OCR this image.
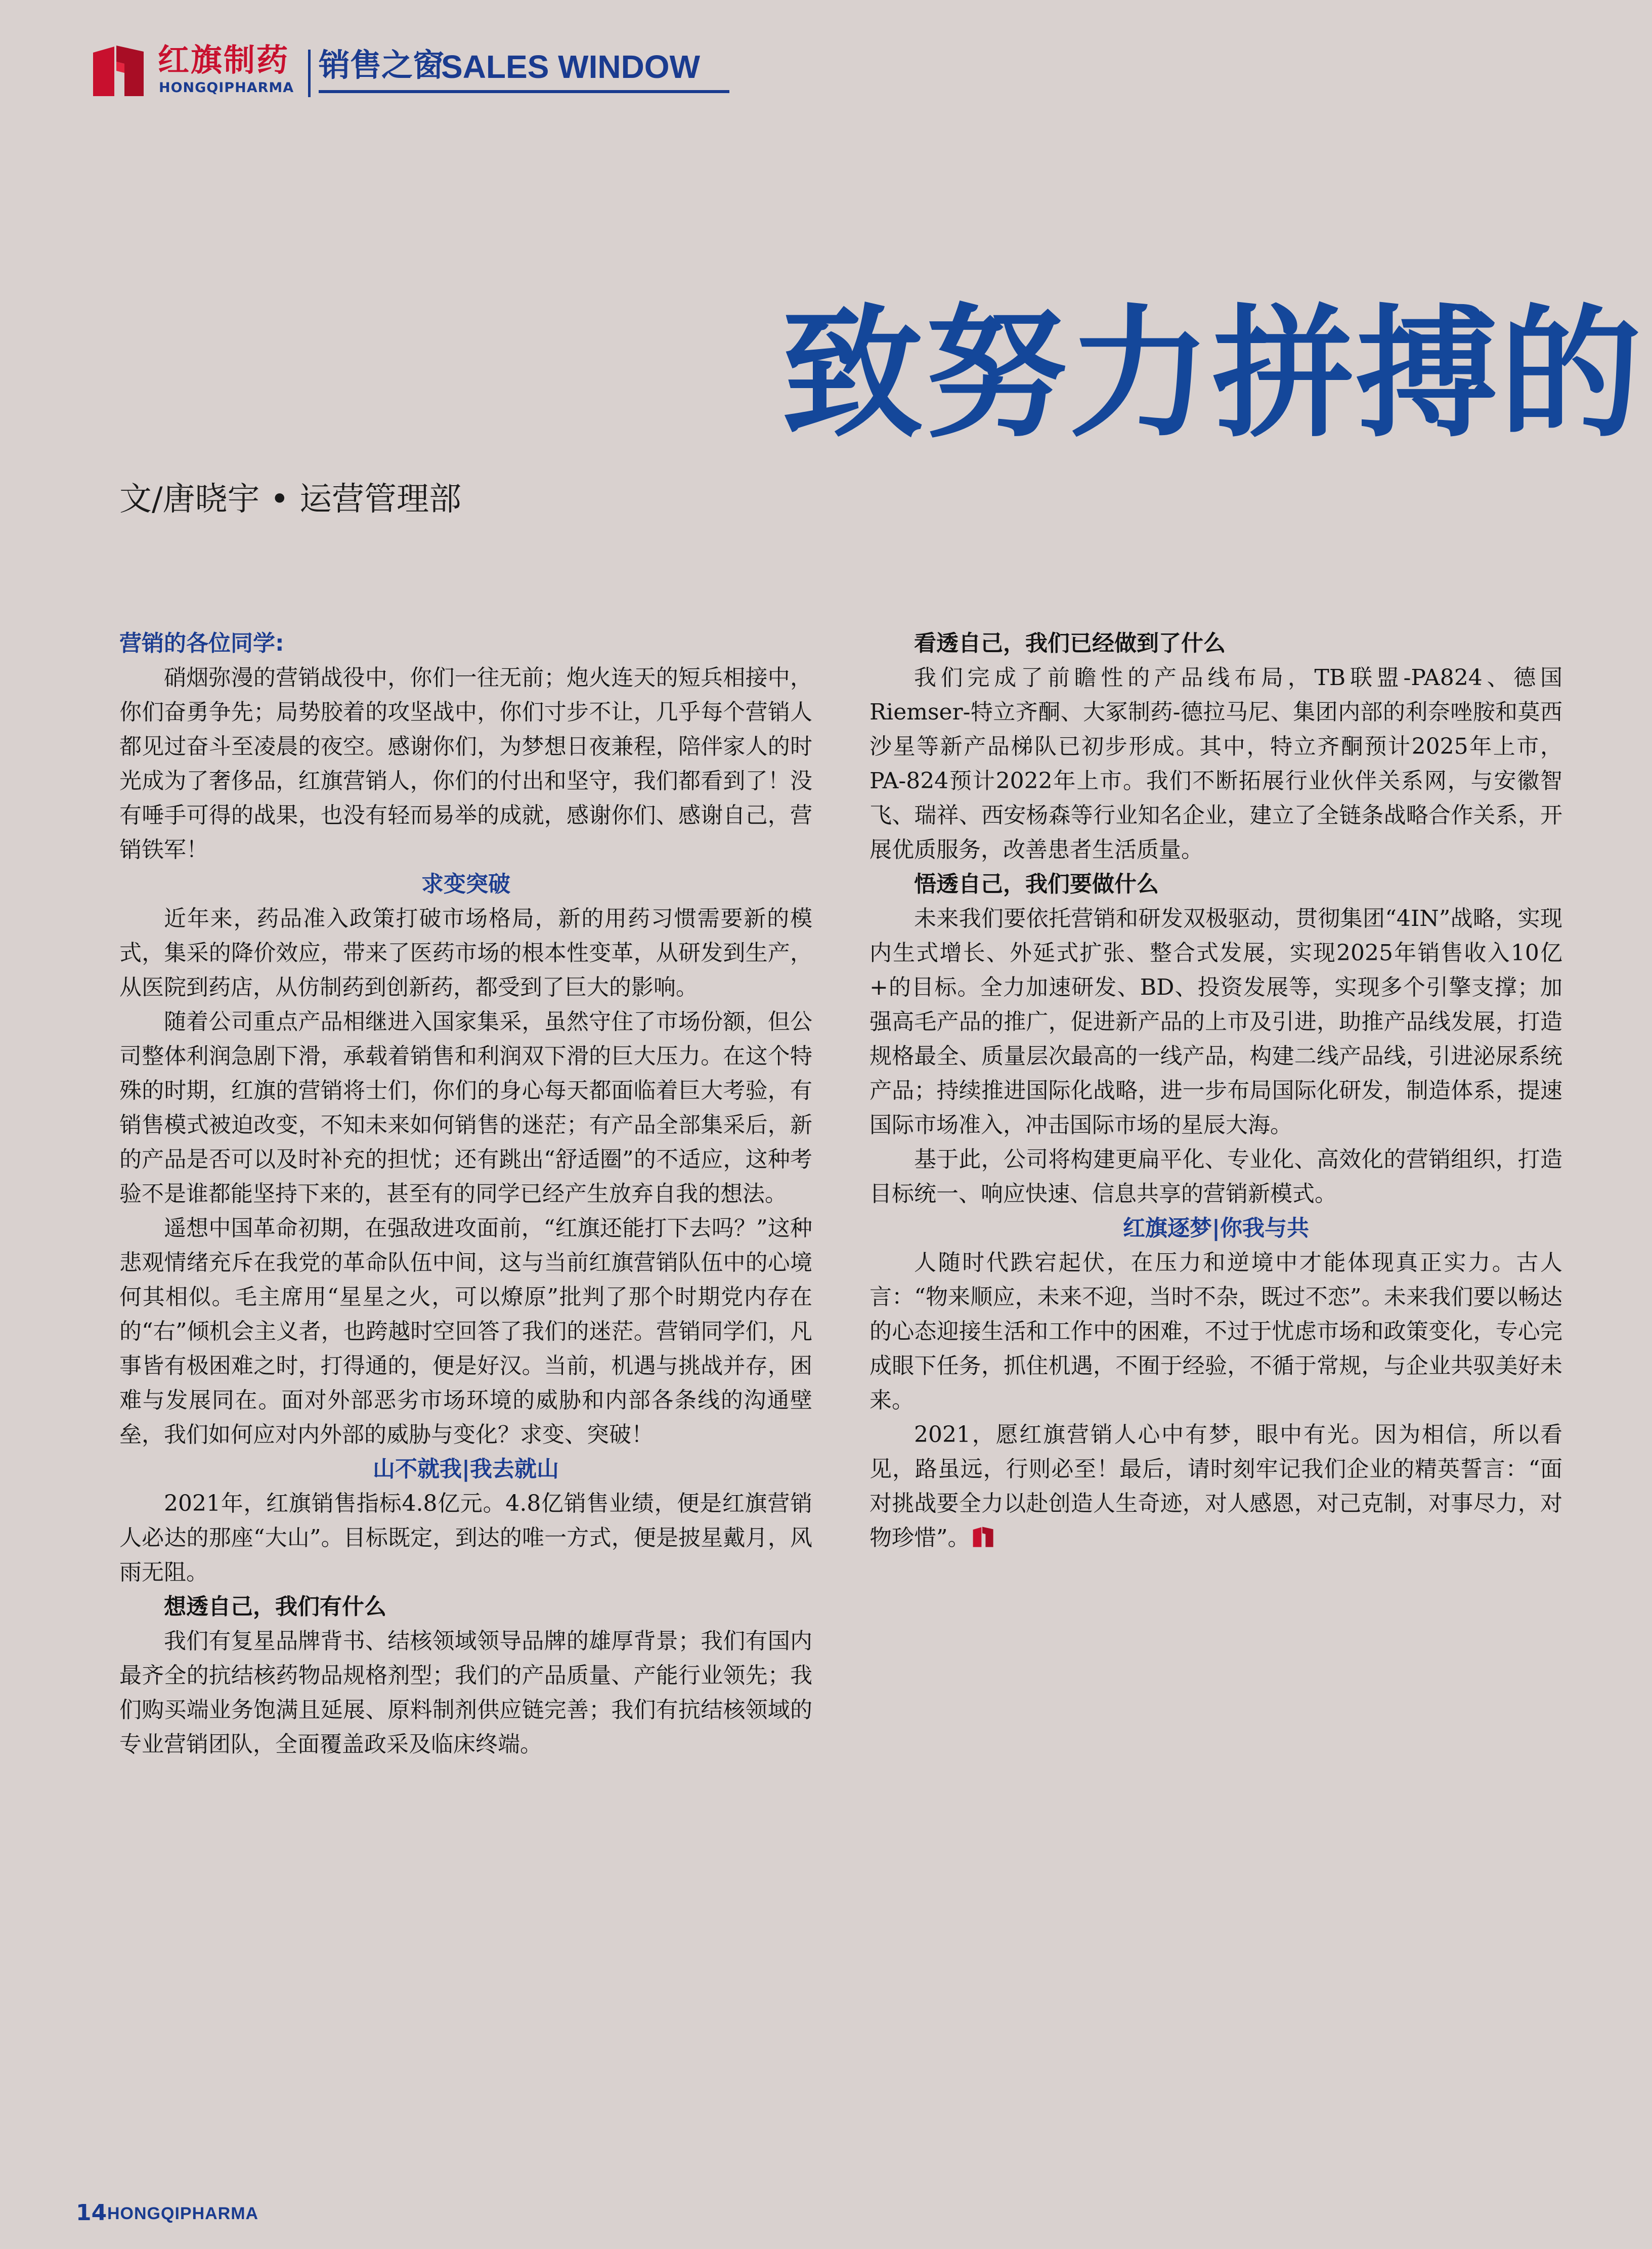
红旗制药
HONGQIPHARMA
销售之窗
SALES WINDOW
致努力拼搏的
文/唐晓宇 • 运营管理部

营销的各位同学:

硝烟弥漫的营销战役中，你们一往无前；炮火连天的短兵相接中，你们奋勇争先；局势胶着的攻坚战中，你们寸步不让，几乎每个营销人都见过奋斗至凌晨的夜空。感谢你们，为梦想日夜兼程，陪伴家人的时光成为了奢侈品，红旗营销人，你们的付出和坚守，我们都看到了！没有唾手可得的战果，也没有轻而易举的成就，感谢你们、感谢自己，营销铁军！

求变突破

近年来，药品准入政策打破市场格局，新的用药习惯需要新的模式，集采的降价效应，带来了医药市场的根本性变革，从研发到生产，从医院到药店，从仿制药到创新药，都受到了巨大的影响。

随着公司重点产品相继进入国家集采，虽然守住了市场份额，但公司整体利润急剧下滑，承载着销售和利润双下滑的巨大压力。在这个特殊的时期，红旗的营销将士们，你们的身心每天都面临着巨大考验，有销售模式被迫改变，不知未来如何销售的迷茫；有产品全部集采后，新的产品是否可以及时补充的担忧；还有跳出“舒适圈”的不适应，这种考验不是谁都能坚持下来的，甚至有的同学已经产生放弃自我的想法。

遥想中国革命初期，在强敌进攻面前，“红旗还能打下去吗？”这种悲观情绪充斥在我党的革命队伍中间，这与当前红旗营销队伍中的心境何其相似。毛主席用“星星之火，可以燎原”批判了那个时期党内存在的“右”倾机会主义者，也跨越时空回答了我们的迷茫。营销同学们，凡事皆有极困难之时，打得通的，便是好汉。当前，机遇与挑战并存，困难与发展同在。面对外部恶劣市场环境的威胁和内部各条线的沟通壁垒，我们如何应对内外部的威胁与变化？求变、突破！

山不就我|我去就山

2021年，红旗销售指标4.8亿元。4.8亿销售业绩，便是红旗营销人必达的那座“大山”。目标既定，到达的唯一方式，便是披星戴月，风雨无阻。

想透自己，我们有什么

我们有复星品牌背书、结核领域领导品牌的雄厚背景；我们有国内最齐全的抗结核药物品规格剂型；我们的产品质量、产能行业领先；我们购买端业务饱满且延展、原料制剂供应链完善；我们有抗结核领域的专业营销团队，全面覆盖政采及临床终端。

看透自己，我们已经做到了什么

我们完成了前瞻性的产品线布局，TB联盟-PA824、德国Riemser-特立齐酮、大冢制药-德拉马尼、集团内部的利奈唑胺和莫西沙星等新产品梯队已初步形成。其中，特立齐酮预计2025年上市，PA-824预计2022年上市。我们不断拓展行业伙伴关系网，与安徽智飞、瑞祥、西安杨森等行业知名企业，建立了全链条战略合作关系，开展优质服务，改善患者生活质量。

悟透自己，我们要做什么

未来我们要依托营销和研发双极驱动，贯彻集团“4IN”战略，实现内生式增长、外延式扩张、整合式发展，实现2025年销售收入10亿+的目标。全力加速研发、BD、投资发展等，实现多个引擎支撑；加强高毛产品的推广，促进新产品的上市及引进，助推产品线发展，打造规格最全、质量层次最高的一线产品，构建二线产品线，引进泌尿系统产品；持续推进国际化战略，进一步布局国际化研发，制造体系，提速国际市场准入，冲击国际市场的星辰大海。

基于此，公司将构建更扁平化、专业化、高效化的营销组织，打造目标统一、响应快速、信息共享的营销新模式。

红旗逐梦|你我与共

人随时代跌宕起伏，在压力和逆境中才能体现真正实力。古人言：“物来顺应，未来不迎，当时不杂，既过不恋”。未来我们要以畅达的心态迎接生活和工作中的困难，不过于忧虑市场和政策变化，专心完成眼下任务，抓住机遇，不囿于经验，不循于常规，与企业共驭美好未来。

2021，愿红旗营销人心中有梦，眼中有光。因为相信，所以看见，路虽远，行则必至！最后，请时刻牢记我们企业的精英誓言：“面对挑战要全力以赴创造人生奇迹，对人感恩，对己克制，对事尽力，对物珍惜”。

14 HONGQIPHARMA
